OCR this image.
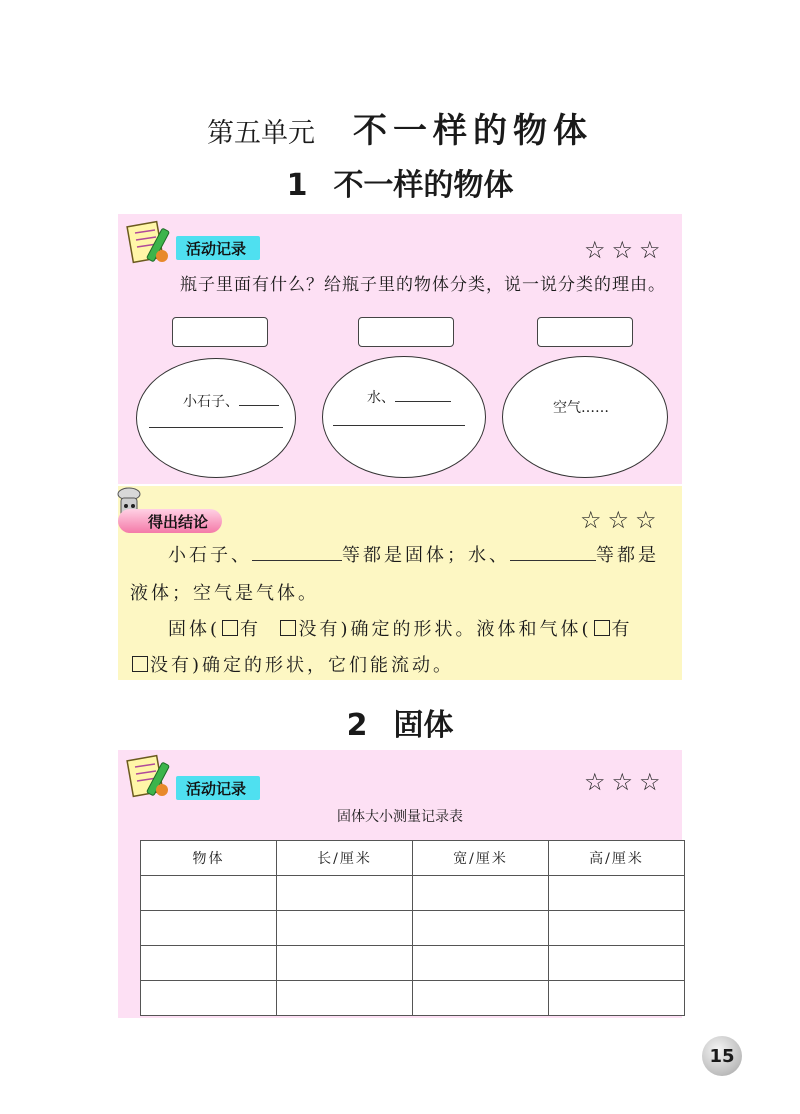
第五单元 不一样的物体
1 不一样的物体
活动记录	☆☆☆
瓶子里面有什么？给瓶子里的物体分类，说一说分类的理由。
小石子、	水、
空气……
得出结论	☆☆☆
小石子、	等都是固体；水、	等都是
液体；空气是气体。
固体( 有 没有)确定的形状。液体和气体( 有
没有)确定的形状，它们能流动。
2 固体
活动记录	☆☆☆
固体大小测量记录表
物体	长/厘米	宽/厘米	高/厘米

15
